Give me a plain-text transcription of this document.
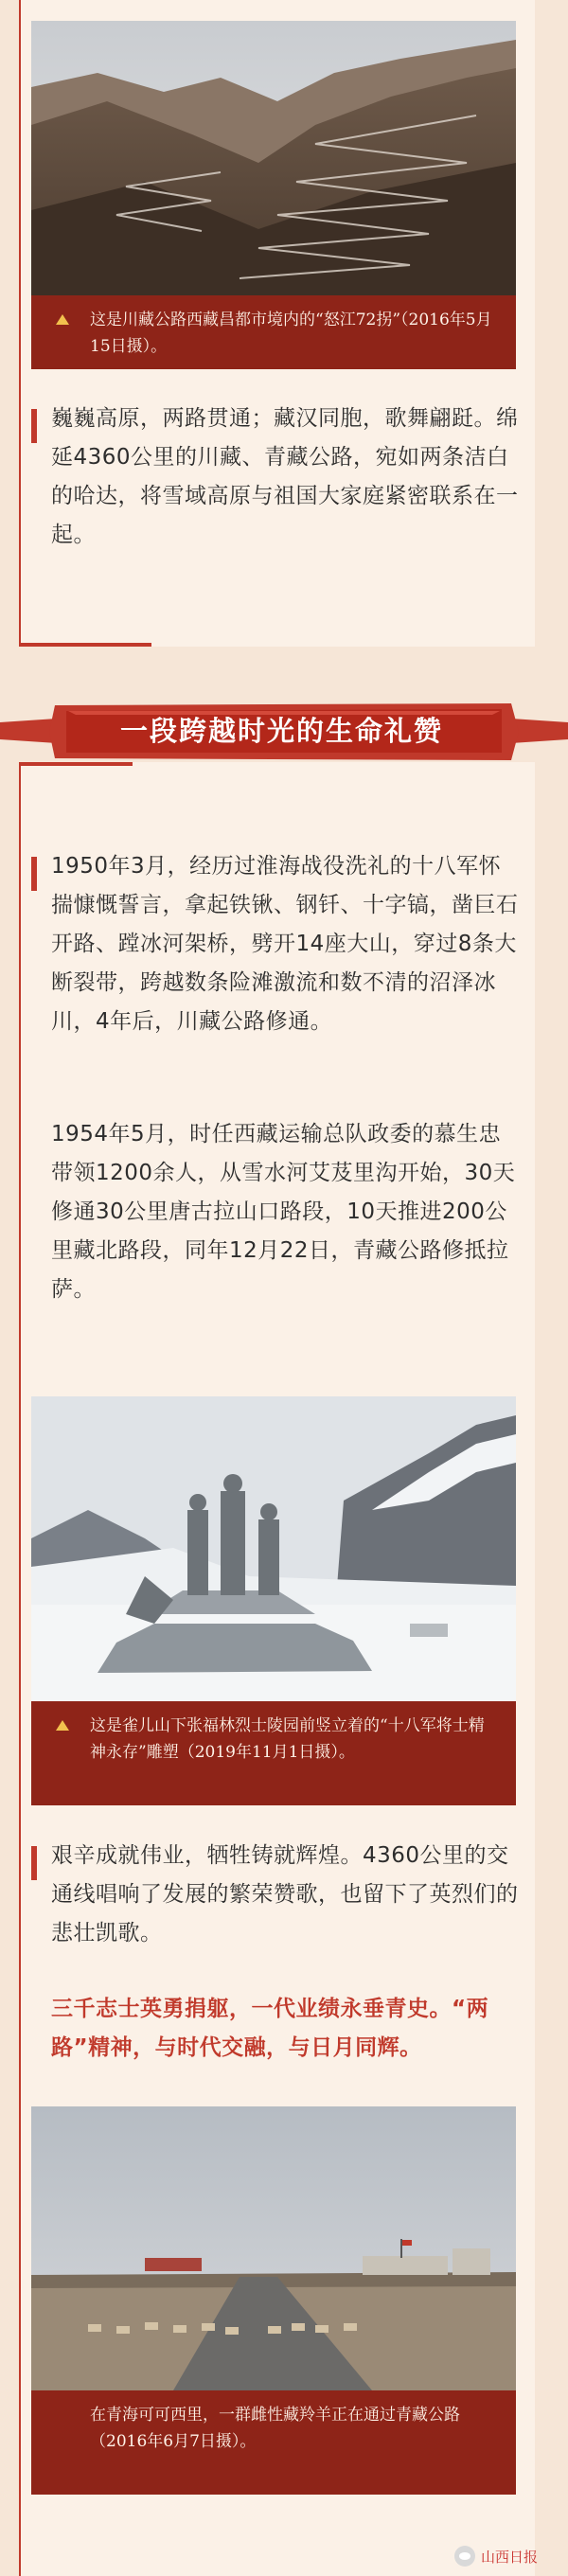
这是川藏公路西藏昌都市境内的“怒江72拐”（2016年5月15日摄）。
巍巍高原，两路贯通；藏汉同胞，歌舞翩跹。绵延4360公里的川藏、青藏公路，宛如两条洁白的哈达，将雪域高原与祖国大家庭紧密联系在一起。
一段跨越时光的生命礼赞
1950年3月，经历过淮海战役洗礼的十八军怀揣慷慨誓言，拿起铁锹、钢钎、十字镐，凿巨石开路、蹚冰河架桥，劈开14座大山，穿过8条大断裂带，跨越数条险滩激流和数不清的沼泽冰川，4年后，川藏公路修通。
1954年5月，时任西藏运输总队政委的慕生忠带领1200余人，从雪水河艾芨里沟开始，30天修通30公里唐古拉山口路段，10天推进200公里藏北路段，同年12月22日，青藏公路修抵拉萨。
这是雀儿山下张福林烈士陵园前竖立着的“十八军将士精神永存”雕塑（2019年11月1日摄）。
艰辛成就伟业，牺牲铸就辉煌。4360公里的交通线唱响了发展的繁荣赞歌，也留下了英烈们的悲壮凯歌。
三千志士英勇捐躯，一代业绩永垂青史。“两路”精神，与时代交融，与日月同辉。
在青海可可西里，一群雌性藏羚羊正在通过青藏公路（2016年6月7日摄）。
山西日报
